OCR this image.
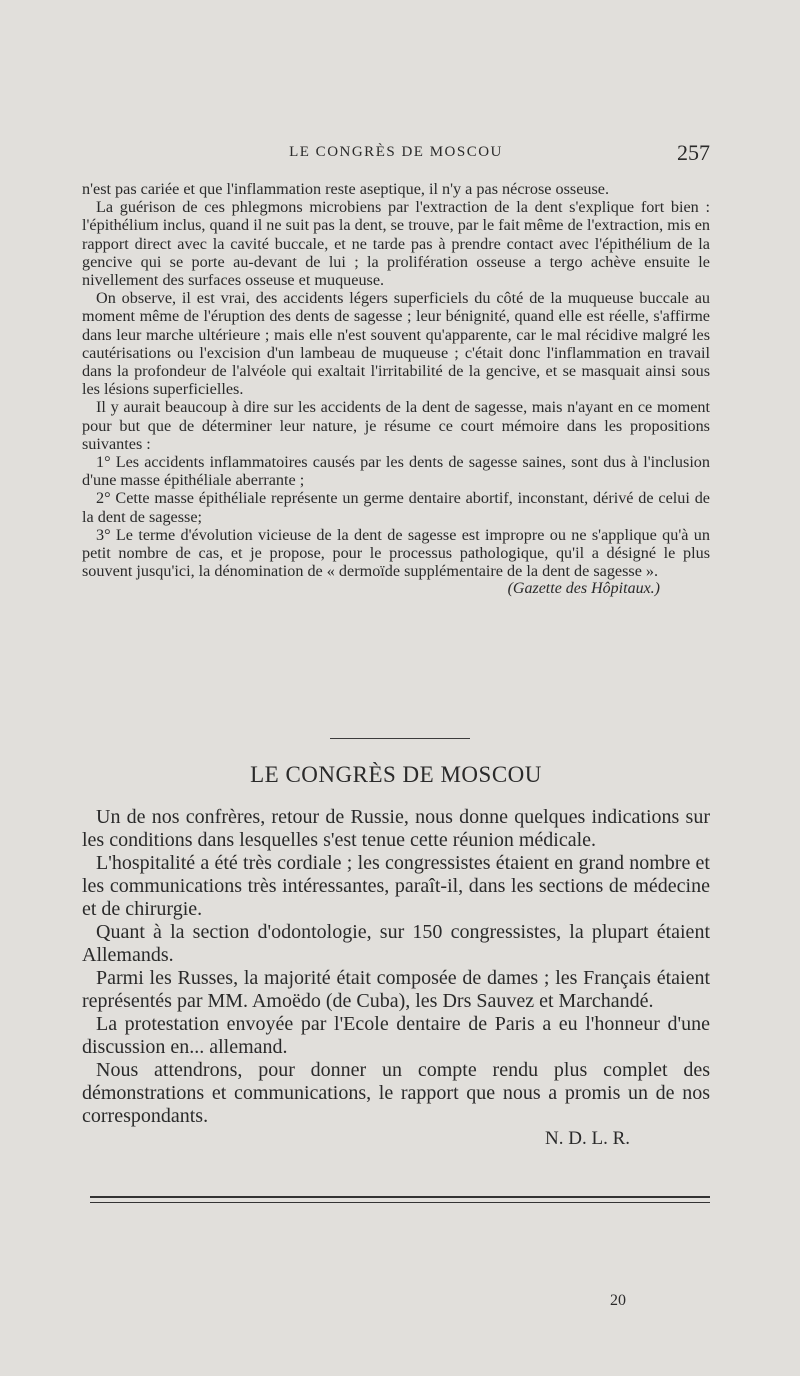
LE CONGRÈS DE MOSCOU	257

n'est pas cariée et que l'inflammation reste aseptique, il n'y a pas nécrose osseuse.

La guérison de ces phlegmons microbiens par l'extraction de la dent s'explique fort bien : l'épithélium inclus, quand il ne suit pas la dent, se trouve, par le fait même de l'extraction, mis en rapport direct avec la cavité buccale, et ne tarde pas à prendre contact avec l'épithélium de la gencive qui se porte au-devant de lui ; la prolifération osseuse a tergo achève ensuite le nivellement des surfaces osseuse et muqueuse.

On observe, il est vrai, des accidents légers superficiels du côté de la muqueuse buccale au moment même de l'éruption des dents de sagesse ; leur bénignité, quand elle est réelle, s'affirme dans leur marche ultérieure ; mais elle n'est souvent qu'apparente, car le mal récidive malgré les cautérisations ou l'excision d'un lambeau de muqueuse ; c'était donc l'inflammation en travail dans la profondeur de l'alvéole qui exaltait l'irritabilité de la gencive, et se masquait ainsi sous les lésions superficielles.

Il y aurait beaucoup à dire sur les accidents de la dent de sagesse, mais n'ayant en ce moment pour but que de déterminer leur nature, je résume ce court mémoire dans les propositions suivantes :

1° Les accidents inflammatoires causés par les dents de sagesse saines, sont dus à l'inclusion d'une masse épithéliale aberrante ;

2° Cette masse épithéliale représente un germe dentaire abortif, inconstant, dérivé de celui de la dent de sagesse;

3° Le terme d'évolution vicieuse de la dent de sagesse est impropre ou ne s'applique qu'à un petit nombre de cas, et je propose, pour le processus pathologique, qu'il a désigné le plus souvent jusqu'ici, la dénomination de « dermoïde supplémentaire de la dent de sagesse ».

(Gazette des Hôpitaux.)
LE CONGRÈS DE MOSCOU

Un de nos confrères, retour de Russie, nous donne quelques indications sur les conditions dans lesquelles s'est tenue cette réunion médicale.

L'hospitalité a été très cordiale ; les congressistes étaient en grand nombre et les communications très intéressantes, paraît-il, dans les sections de médecine et de chirurgie.

Quant à la section d'odontologie, sur 150 congressistes, la plupart étaient Allemands.

Parmi les Russes, la majorité était composée de dames ; les Français étaient représentés par MM. Amoëdo (de Cuba), les Drs Sauvez et Marchandé.

La protestation envoyée par l'Ecole dentaire de Paris a eu l'honneur d'une discussion en... allemand.

Nous attendrons, pour donner un compte rendu plus complet des démonstrations et communications, le rapport que nous a promis un de nos correspondants.

N. D. L. R.
20
